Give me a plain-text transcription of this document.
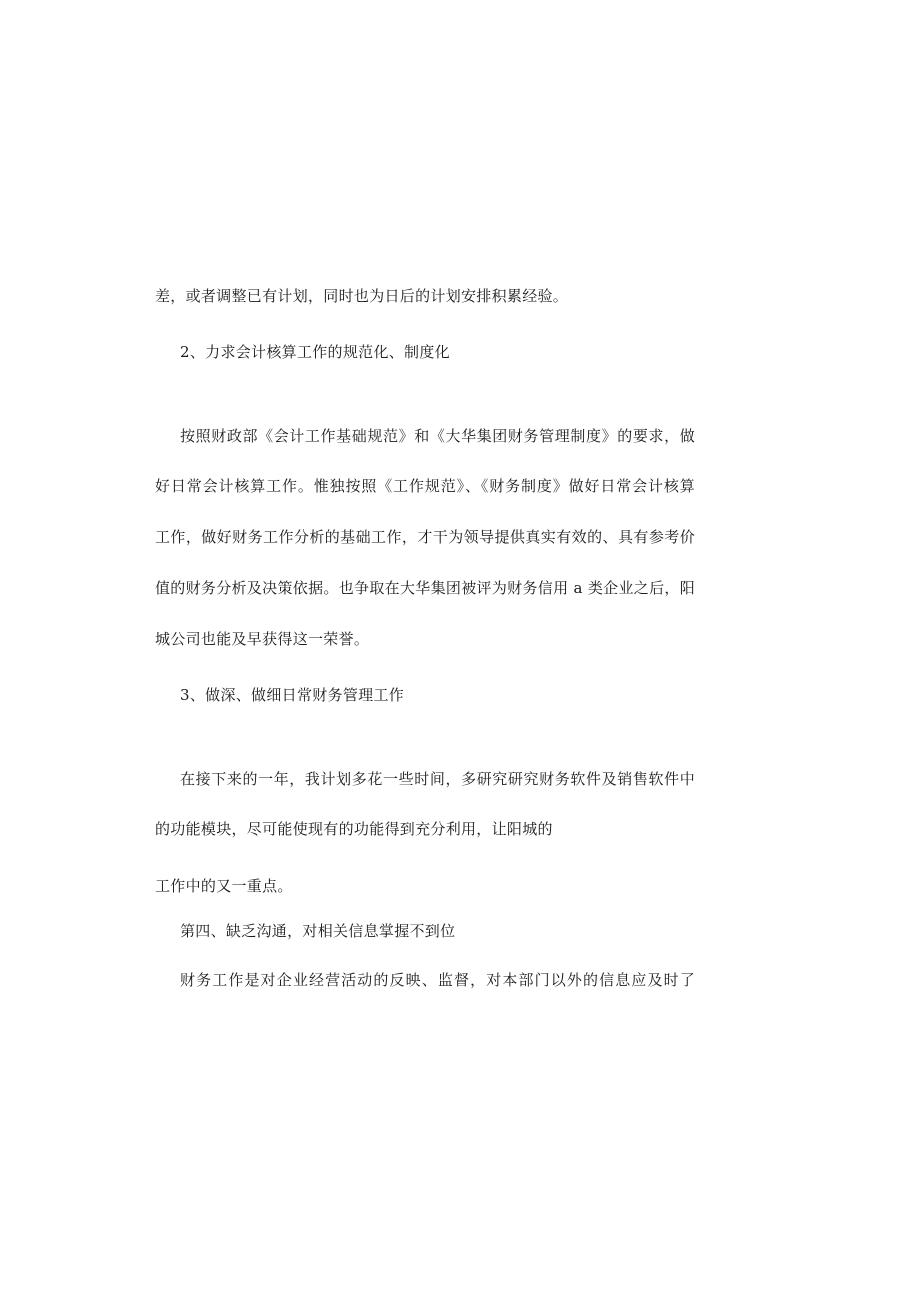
差，或者调整已有计划，同时也为日后的计划安排积累经验。
2、力求会计核算工作的规范化、制度化
按照财政部《会计工作基础规范》和《大华集团财务管理制度》的要求，做
好日常会计核算工作。惟独按照《工作规范》、《财务制度》做好日常会计核算
工作，做好财务工作分析的基础工作，才干为领导提供真实有效的、具有参考价
值的财务分析及决策依据。也争取在大华集团被评为财务信用 a 类企业之后，阳
城公司也能及早获得这一荣誉。
3、做深、做细日常财务管理工作
在接下来的一年，我计划多花一些时间，多研究研究财务软件及销售软件中
的功能模块，尽可能使现有的功能得到充分利用，让阳城的
工作中的又一重点。
第四、缺乏沟通，对相关信息掌握不到位
财务工作是对企业经营活动的反映、监督，对本部门以外的信息应及时了
